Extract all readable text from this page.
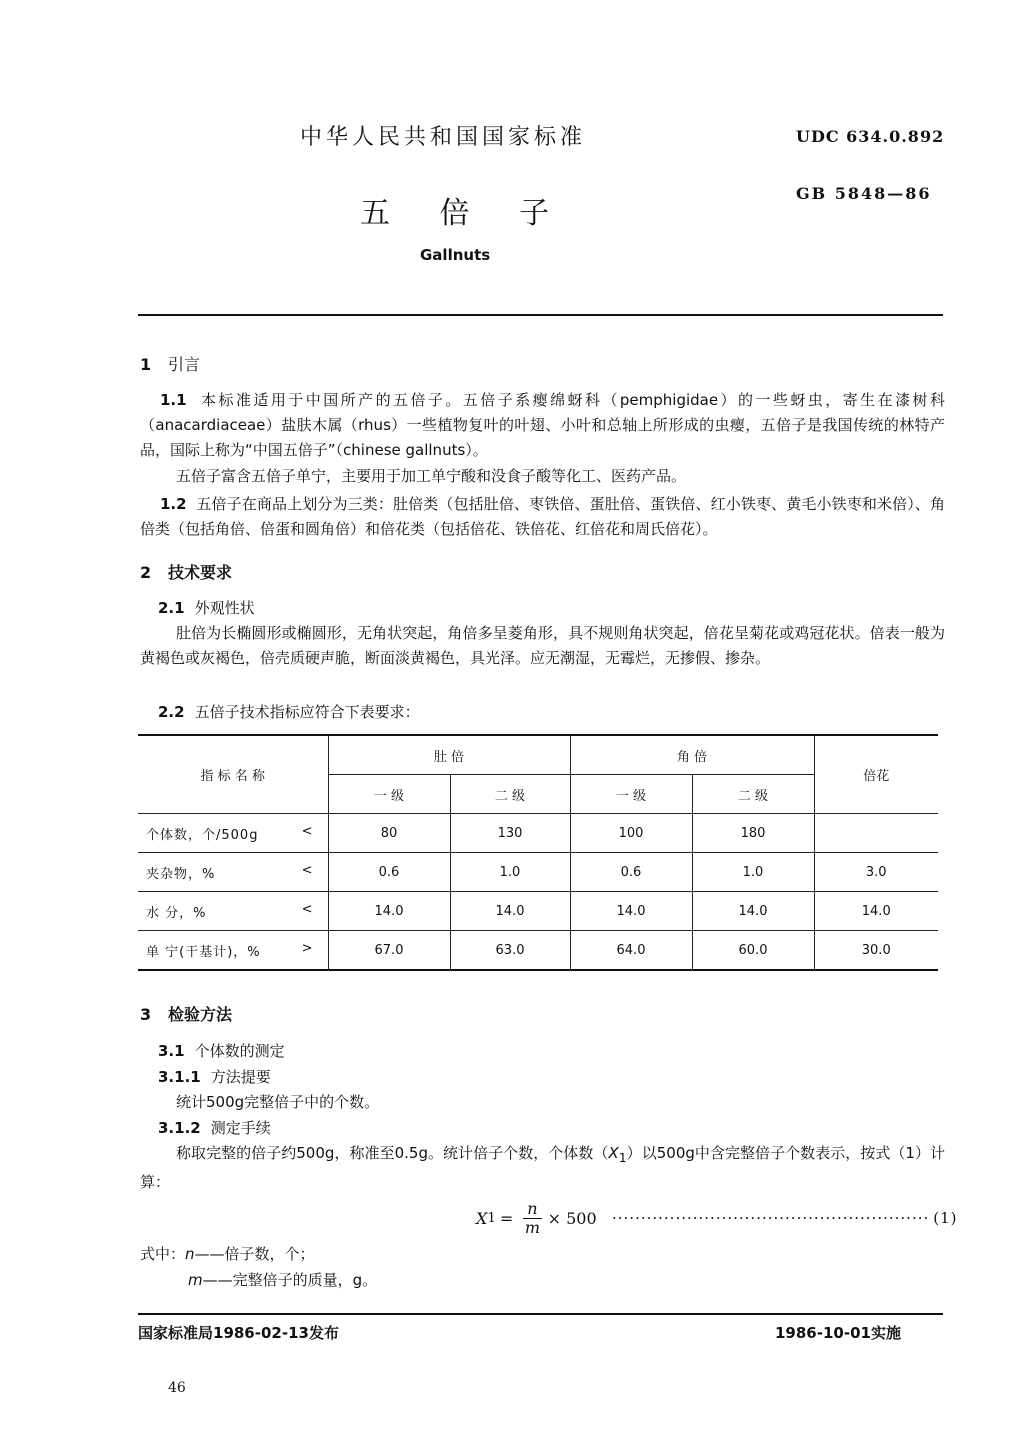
中华人民共和国国家标准	UDC 634.0.892
五 倍 子
GB 5848—86
Gallnuts
1 引言
1.1 本标准适用于中国所产的五倍子。五倍子系瘿绵蚜科（pemphigidae）的一些蚜虫，寄生在漆树科（anacardiaceae）盐肤木属（rhus）一些植物复叶的叶翅、小叶和总轴上所形成的虫瘿，五倍子是我国传统的林特产品，国际上称为“中国五倍子”（chinese gallnuts）。
五倍子富含五倍子单宁，主要用于加工单宁酸和没食子酸等化工、医药产品。
1.2 五倍子在商品上划分为三类：肚倍类（包括肚倍、枣铁倍、蛋肚倍、蛋铁倍、红小铁枣、黄毛小铁枣和米倍）、角倍类（包括角倍、倍蛋和圆角倍）和倍花类（包括倍花、铁倍花、红倍花和周氏倍花）。
2 技术要求
2.1 外观性状
肚倍为长椭圆形或椭圆形，无角状突起，角倍多呈菱角形，具不规则角状突起，倍花呈菊花或鸡冠花状。倍表一般为黄褐色或灰褐色，倍壳质硬声脆，断面淡黄褐色，具光泽。应无潮湿，无霉烂，无掺假、掺杂。
2.2 五倍子技术指标应符合下表要求：
指 标 名 称	肚 倍		角 倍		倍花
	一 级	二 级	一 级	二 级	

个体数，个/500g <	80	130	100	180	

夹杂物，% <	0.6	1.0	0.6	1.0	3.0

水 分，% <	14.0	14.0	14.0	14.0	14.0

单 宁(干基计)，% >	67.0	63.0	64.0	60.0	30.0
3 检验方法
3.1 个体数的测定
3.1.1 方法提要
统计500g完整倍子中的个数。
3.1.2 测定手续
称取完整的倍子约500g，称准至0.5g。统计倍子个数，个体数$(X_1)$以500g中含完整倍子个数表示，按式（1）计算：
X $1 = \frac{n}{m} \times 500$ ······················································· (1)
式中：n——倍子数，个；
m——完整倍子的质量，g。
国家标准局1986-02-13发布	1986-10-01实施
46
